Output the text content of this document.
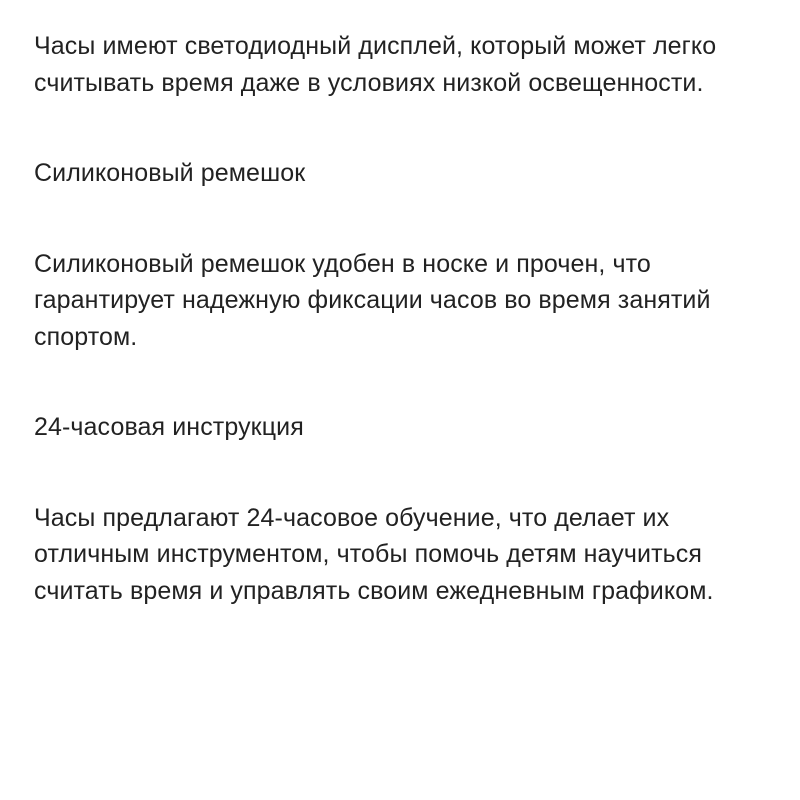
Часы имеют светодиодный дисплей, который может легко считывать время даже в условиях низкой освещенности.

Силиконовый ремешок

Силиконовый ремешок удобен в носке и прочен, что гарантирует надежную фиксации часов во время занятий спортом.

24-часовая инструкция

Часы предлагают 24-часовое обучение, что делает их отличным инструментом, чтобы помочь детям научиться считать время и управлять своим ежедневным графиком.
